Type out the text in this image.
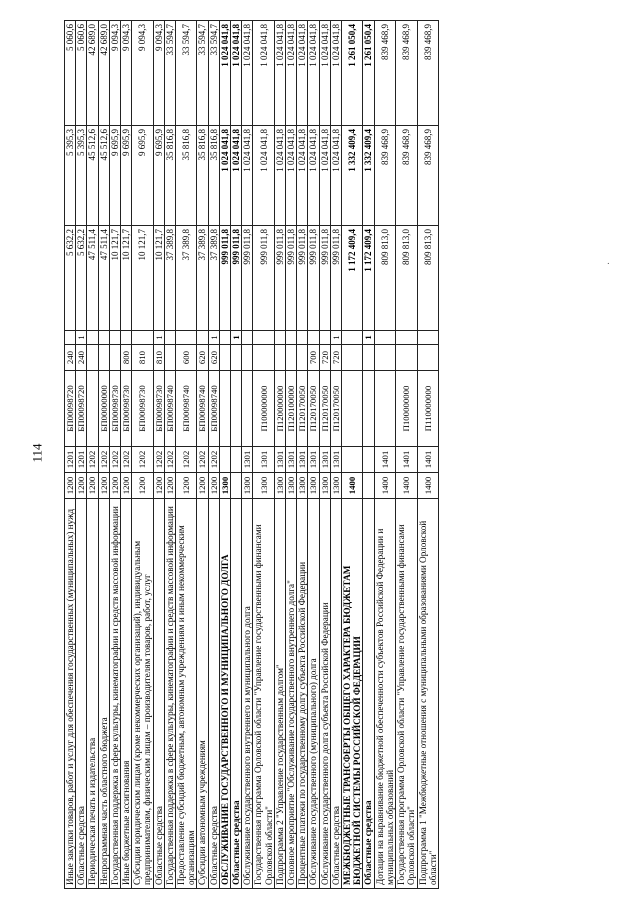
114
·
Иные закупки товаров, работ и услуг для обеспечения государственных (муниципальных) нужд	1200	1201	БП00098720	240		5 632,2	5 395,3	5 060,6
Областные средства	1200	1201	БП00098720	240	1	5 632,2	5 395,3	5 060,6
Периодическая печать и издательства	1200	1202				47 511,4	45 512,6	42 689,0
Непрограммная часть областного бюджета	1200	1202	БП00000000			47 511,4	45 512,6	42 689,0
Государственная поддержка в сфере культуры, кинематографии и средств массовой информации	1200	1202	БП00098730			10 121,7	9 695,9	9 094,3
Иные бюджетные ассигнования	1200	1202	БП00098730	800		10 121,7	9 695,9	9 094,3
Субсидии юридическим лицам (кроме некоммерческих организаций), индивидуальным предпринимателям, физическим лицам – производителям товаров, работ, услуг	1200	1202	БП00098730	810		10 121,7	9 695,9	9 094,3
Областные средства	1200	1202	БП00098730	810	1	10 121,7	9 695,9	9 094,3
Государственная поддержка в сфере культуры, кинематографии и средств массовой информации	1200	1202	БП00098740			37 389,8	35 816,8	33 594,7
Предоставление субсидий бюджетным, автономным учреждениям и иным некоммерческим организациям	1200	1202	БП00098740	600		37 389,8	35 816,8	33 594,7
Субсидии автономным учреждениям	1200	1202	БП00098740	620		37 389,8	35 816,8	33 594,7
Областные средства	1200	1202	БП00098740	620	1	37 389,8	35 816,8	33 594,7
ОБСЛУЖИВАНИЕ ГОСУДАРСТВЕННОГО И МУНИЦИПАЛЬНОГО ДОЛГА	1300					999 011,8	1 024 041,8	1 024 041,8
Областные средства					1	999 011,8	1 024 041,8	1 024 041,8
Обслуживание государственного внутреннего и муниципального долга	1300	1301				999 011,8	1 024 041,8	1 024 041,8
Государственная программа Орловской области "Управление государственными финансами Орловской области"	1300	1301	П100000000			999 011,8	1 024 041,8	1 024 041,8
Подпрограмма 2 "Управление государственным долгом"	1300	1301	П120000000			999 011,8	1 024 041,8	1 024 041,8
Основное мероприятие "Обслуживание государственного внутреннего долга"	1300	1301	П120100000			999 011,8	1 024 041,8	1 024 041,8
Процентные платежи по государственному долгу субъекта Российской Федерации	1300	1301	П120170050			999 011,8	1 024 041,8	1 024 041,8
Обслуживание государственного (муниципального) долга	1300	1301	П120170050	700		999 011,8	1 024 041,8	1 024 041,8
Обслуживание государственного долга субъекта Российской Федерации	1300	1301	П120170050	720		999 011,8	1 024 041,8	1 024 041,8
Областные средства	1300	1301	П120170050	720	1	999 011,8	1 024 041,8	1 024 041,8
МЕЖБЮДЖЕТНЫЕ ТРАНСФЕРТЫ ОБЩЕГО ХАРАКТЕРА БЮДЖЕТАМ БЮДЖЕТНОЙ СИСТЕМЫ РОССИЙСКОЙ ФЕДЕРАЦИИ	1400					1 172 409,4	1 332 409,4	1 261 050,4
Областные средства					1	1 172 409,4	1 332 409,4	1 261 050,4
Дотации на выравнивание бюджетной обеспеченности субъектов Российской Федерации и муниципальных образований	1400	1401				809 813,0	839 468,9	839 468,9
Государственная программа Орловской области "Управление государственными финансами Орловской области"	1400	1401	П100000000			809 813,0	839 468,9	839 468,9
Подпрограмма 1 "Межбюджетные отношения с муниципальными образованиями Орловской области"	1400	1401	П110000000			809 813,0	839 468,9	839 468,9
